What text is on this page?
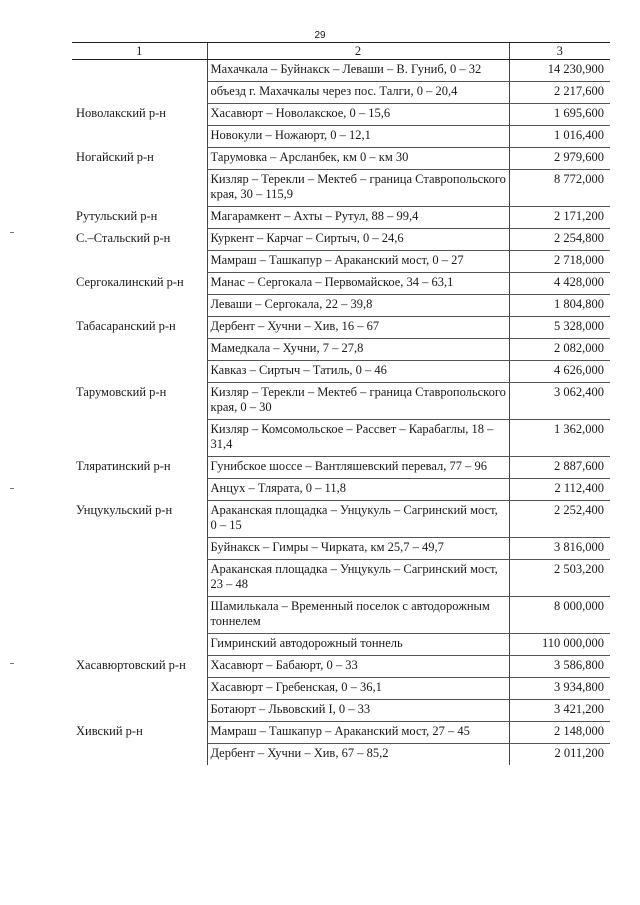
29
1	2	3
	Махачкала – Буйнакск – Леваши – В. Гуниб, 0 – 32	14 230,900
	объезд г. Махачкалы через пос. Талги, 0 – 20,4	2 217,600
Новолакский р-н	Хасавюрт – Новолакское, 0 – 15,6	1 695,600
	Новокули – Ножаюрт, 0 – 12,1	1 016,400
Ногайский р-н	Тарумовка – Арсланбек, км 0 – км 30	2 979,600
	Кизляр – Терекли – Мектеб – граница Ставропольского края, 30 – 115,9	8 772,000
Рутульский р-н	Магарамкент – Ахты – Рутул, 88 – 99,4	2 171,200
С.–Стальский р-н	Куркент – Карчаг – Сиртыч, 0 – 24,6	2 254,800
	Мамраш – Ташкапур – Араканский мост, 0 – 27	2 718,000
Сергокалинский р-н	Манас – Сергокала – Первомайское, 34 – 63,1	4 428,000
	Леваши – Сергокала, 22 – 39,8	1 804,800
Табасаранский р-н	Дербент – Хучни – Хив, 16 – 67	5 328,000
	Мамедкала – Хучни, 7 – 27,8	2 082,000
	Кавказ – Сиртыч – Татиль, 0 – 46	4 626,000
Тарумовский р-н	Кизляр – Терекли – Мектеб – граница Ставропольского края, 0 – 30	3 062,400
	Кизляр – Комсомольское – Рассвет – Карабаглы, 18 – 31,4	1 362,000
Тляратинский р-н	Гунибское шоссе – Вантляшевский перевал, 77 – 96	2 887,600
	Анцух – Тлярата, 0 – 11,8	2 112,400
Унцукульский р-н	Араканская площадка – Унцукуль – Сагринский мост, 0 – 15	2 252,400
	Буйнакск – Гимры – Чирката, км 25,7 – 49,7	3 816,000
	Араканская площадка – Унцукуль – Сагринский мост, 23 – 48	2 503,200
	Шамилькала – Временный поселок с автодорожным тоннелем	8 000,000
	Гимринский автодорожный тоннель	110 000,000
Хасавюртовский р-н	Хасавюрт – Бабаюрт, 0 – 33	3 586,800
	Хасавюрт – Гребенская, 0 – 36,1	3 934,800
	Ботаюрт – Львовский I, 0 – 33	3 421,200
Хивский р-н	Мамраш – Ташкапур – Араканский мост, 27 – 45	2 148,000
	Дербент – Хучни – Хив, 67 – 85,2	2 011,200
